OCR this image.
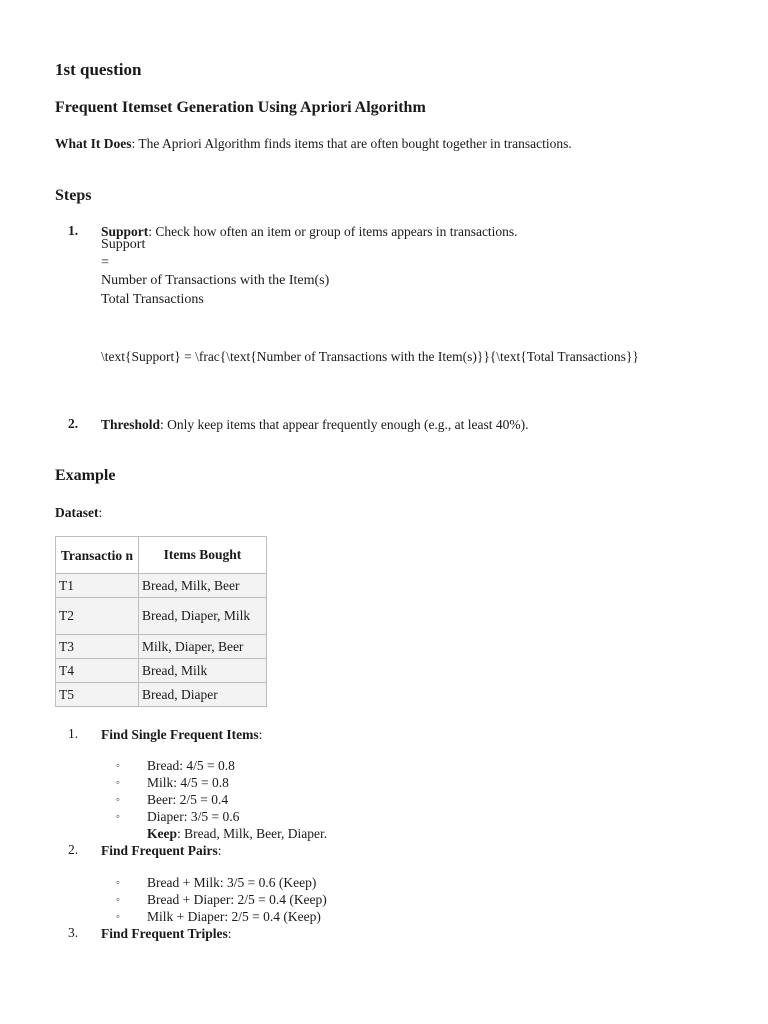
1st question
Frequent Itemset Generation Using Apriori Algorithm
What It Does: The Apriori Algorithm finds items that are often bought together in transactions.
Steps
1. Support: Check how often an item or group of items appears in transactions.
Support
=
Number of Transactions with the Item(s)
Total Transactions
\text{Support} = \frac{\text{Number of Transactions with the Item(s)}}{\text{Total Transactions}}
2. Threshold: Only keep items that appear frequently enough (e.g., at least 40%).
Example
Dataset:
Transactio n	Items Bought
T1	Bread, Milk, Beer
T2	Bread, Diaper, Milk
T3	Milk, Diaper, Beer
T4	Bread, Milk
T5	Bread, Diaper
1. Find Single Frequent Items:
◦ Bread: 4/5 = 0.8
◦ Milk: 4/5 = 0.8
◦ Beer: 2/5 = 0.4
◦ Diaper: 3/5 = 0.6
Keep: Bread, Milk, Beer, Diaper.
2. Find Frequent Pairs:
◦ Bread + Milk: 3/5 = 0.6 (Keep)
◦ Bread + Diaper: 2/5 = 0.4 (Keep)
◦ Milk + Diaper: 2/5 = 0.4 (Keep)
3. Find Frequent Triples:
